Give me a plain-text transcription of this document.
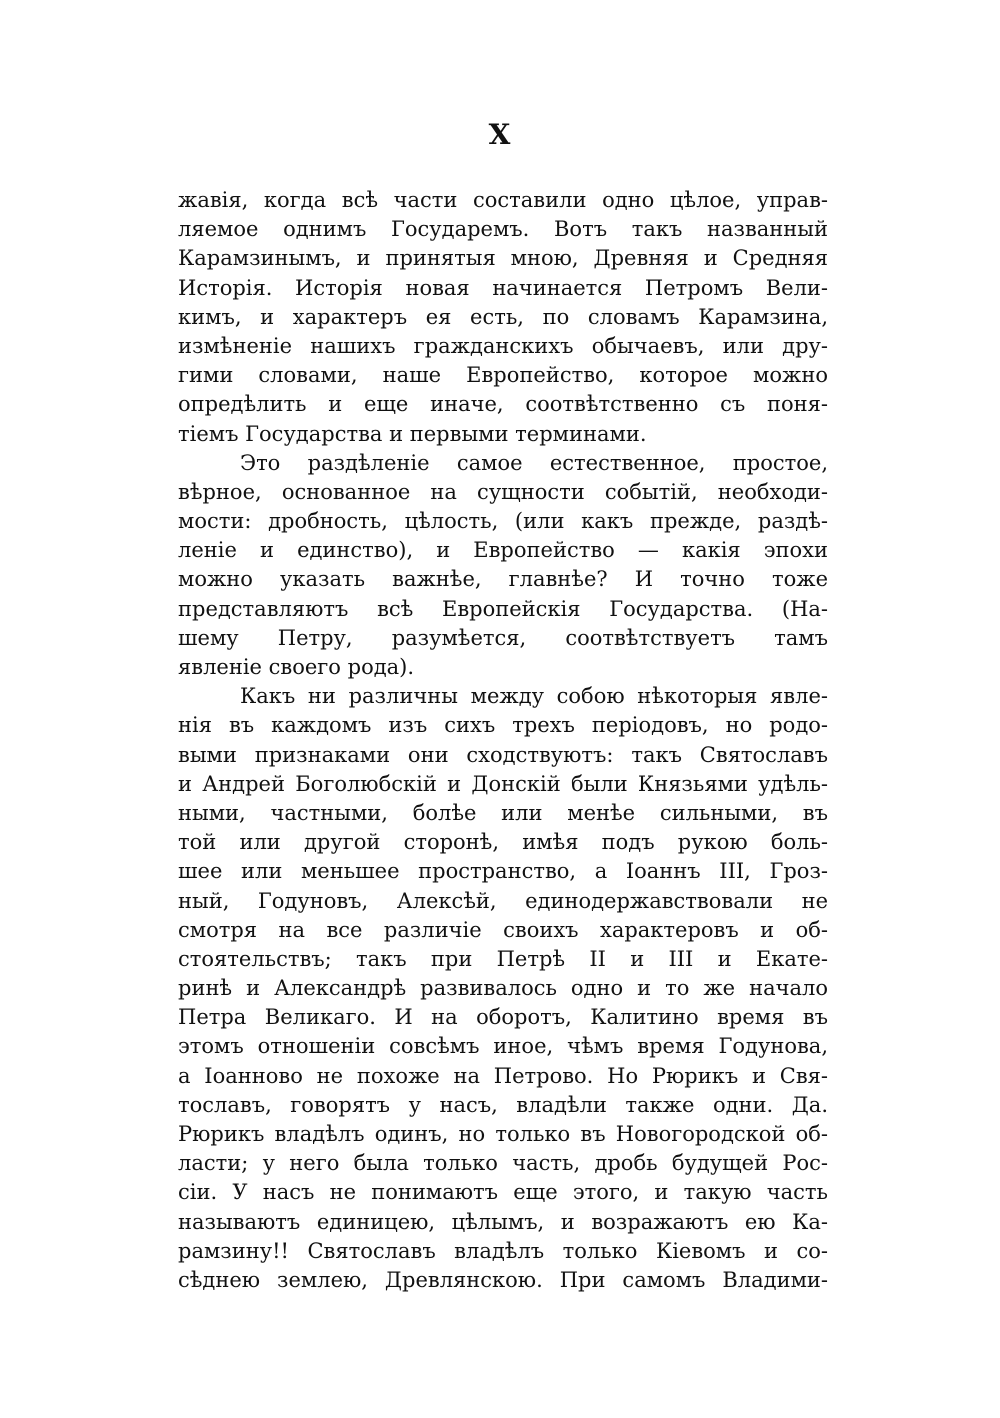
X
жавія, когда всѣ части составили одно цѣлое, управ-
ляемое однимъ Государемъ. Вотъ такъ названный
Карамзинымъ, и принятыя мною, Древняя и Средняя
Исторія. Исторія новая начинается Петромъ Вели-
кимъ, и характеръ ея есть, по словамъ Карамзина,
измѣненіе нашихъ гражданскихъ обычаевъ, или дру-
гими словами, наше Европейство, которое можно
опредѣлить и еще иначе, соотвѣтственно съ поня-
тіемъ Государства и первыми терминами.
Это раздѣленіе самое естественное, простое,
вѣрное, основанное на сущности событій, необходи-
мости: дробность, цѣлость, (или какъ прежде, раздѣ-
леніе и единство), и Европейство — какія эпохи
можно указать важнѣе, главнѣе? И точно тоже
представляютъ всѣ Европейскія Государства. (На-
шему Петру, разумѣется, соотвѣтствуетъ тамъ
явленіе своего рода).
Какъ ни различны между собою нѣкоторыя явле-
нія въ каждомъ изъ сихъ трехъ періодовъ, но родо-
выми признаками они сходствуютъ: такъ Святославъ
и Андрей Боголюбскій и Донскій были Князьями удѣль-
ными, частными, болѣе или менѣе сильными, въ
той или другой сторонѣ, имѣя подъ рукою боль-
шее или меньшее пространство, а Іоаннъ III, Гроз-
ный, Годуновъ, Алексѣй, единодержавствовали не
смотря на все различіе своихъ характеровъ и об-
стоятельствъ; такъ при Петрѣ II и III и Екате-
ринѣ и Александрѣ развивалось одно и то же начало
Петра Великаго. И на оборотъ, Калитино время въ
этомъ отношеніи совсѣмъ иное, чѣмъ время Годунова,
а Іоанново не похоже на Петрово. Но Рюрикъ и Свя-
тославъ, говорятъ у насъ, владѣли также одни. Да.
Рюрикъ владѣлъ одинъ, но только въ Новогородской об-
ласти; у него была только часть, дробь будущей Рос-
сіи. У насъ не понимаютъ еще этого, и такую часть
называютъ единицею, цѣлымъ, и возражаютъ ею Ка-
рамзину!! Святославъ владѣлъ только Кіевомъ и со-
сѣднею землею, Древлянскою. При самомъ Владими-
